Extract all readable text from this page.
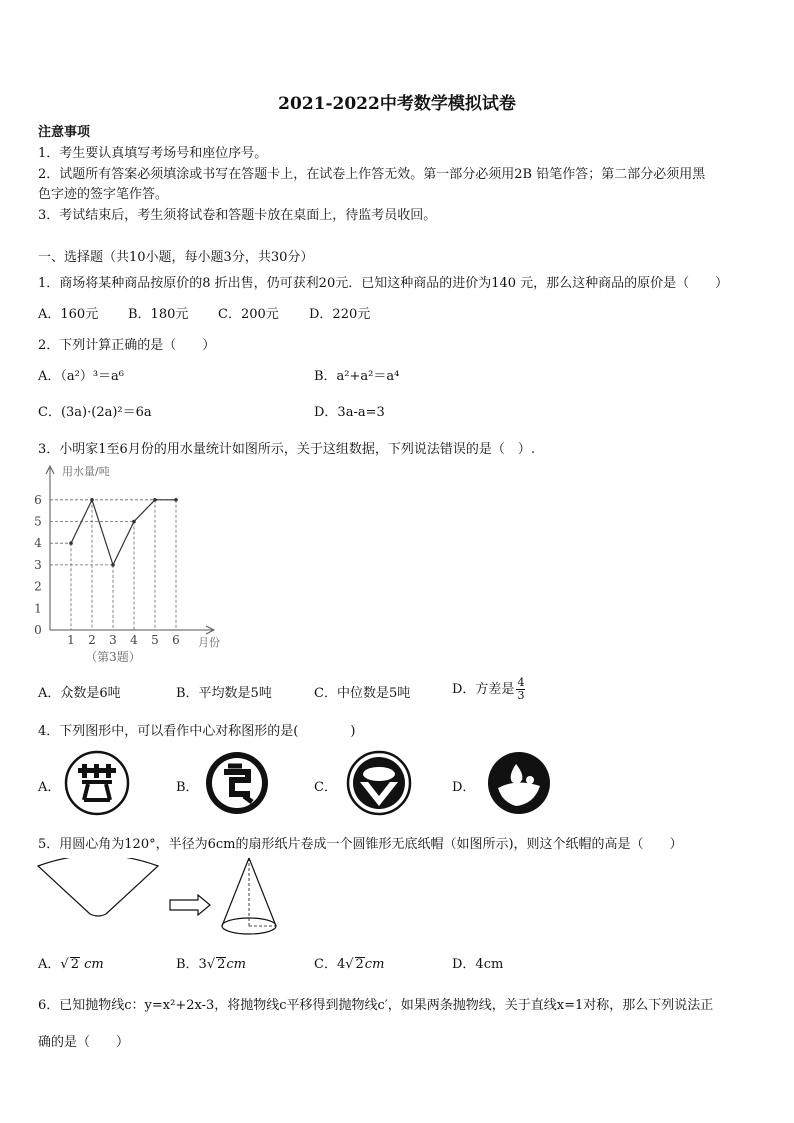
2021-2022中考数学模拟试卷
注意事项
1．考生要认真填写考场号和座位序号。
2．试题所有答案必须填涂或书写在答题卡上，在试卷上作答无效。第一部分必须用2B 铅笔作答；第二部分必须用黑
色字迹的签字笔作答。
3．考试结束后，考生须将试卷和答题卡放在桌面上，待监考员收回。
一、选择题（共10小题，每小题3分，共30分）
1．商场将某种商品按原价的8 折出售，仍可获利20元．已知这种商品的进价为140 元，那么这种商品的原价是（　　）
A．160元 B．180元 C．200元 D．220元
2．下列计算正确的是（　　）
A．（a²）³＝a⁶	B．a²+a²＝a⁴
C．(3a)·(2a)²＝6a	D．3a-a=3
3．小明家1至6月份的用水量统计如图所示，关于这组数据，下列说法错误的是（　）.
用水量/吨
月份
0
1
2
3
4
5
6
1 2 3 4 5 6
（第3题）
A．众数是6吨	B．平均数是5吨	C．中位数是5吨	D．方差是 $\frac{4}{3}$
4．下列图形中，可以看作中心对称图形的是(　　　　)
A．	B．	C．	D．
5．用圆心角为120°，半径为6cm的扇形纸片卷成一个圆锥形无底纸帽（如图所示)，则这个纸帽的高是（　　）
A．√ 2 cm	B．3√ 2cm	C．4√ 2cm	D．4cm
6．已知抛物线c：y=x²+2x-3，将抛物线c平移得到抛物线c′，如果两条抛物线，关于直线x=1对称，那么下列说法正
确的是（　　）
